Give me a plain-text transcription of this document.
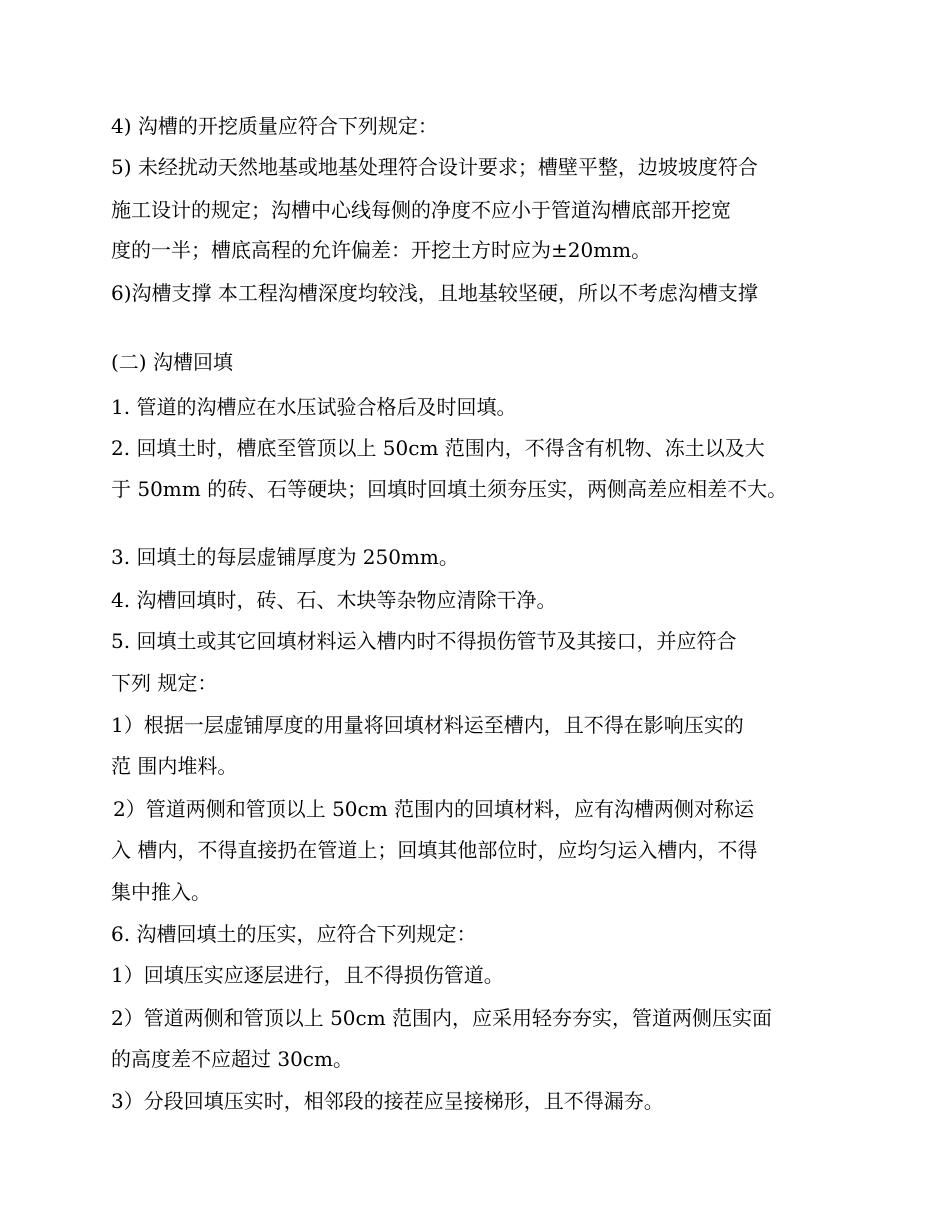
4) 沟槽的开挖质量应符合下列规定：

5) 未经扰动天然地基或地基处理符合设计要求；槽壁平整，边坡坡度符合

施工设计的规定；沟槽中心线每侧的净度不应小于管道沟槽底部开挖宽

度的一半；槽底高程的允许偏差：开挖土方时应为±20mm。

6)沟槽支撑 本工程沟槽深度均较浅，且地基较坚硬，所以不考虑沟槽支撑

(二) 沟槽回填

1. 管道的沟槽应在水压试验合格后及时回填。

2. 回填土时，槽底至管顶以上 50cm 范围内，不得含有机物、冻土以及大

于 50mm 的砖、石等硬块；回填时回填土须夯压实，两侧高差应相差不大。

3. 回填土的每层虚铺厚度为 250mm。

4. 沟槽回填时，砖、石、木块等杂物应清除干净。

5. 回填土或其它回填材料运入槽内时不得损伤管节及其接口，并应符合

下列 规定：

1）根据一层虚铺厚度的用量将回填材料运至槽内，且不得在影响压实的

范 围内堆料。

2）管道两侧和管顶以上 50cm 范围内的回填材料，应有沟槽两侧对称运

入 槽内，不得直接扔在管道上；回填其他部位时，应均匀运入槽内，不得

集中推入。

6. 沟槽回填土的压实，应符合下列规定：

1）回填压实应逐层进行，且不得损伤管道。

2）管道两侧和管顶以上 50cm 范围内，应采用轻夯夯实，管道两侧压实面

的高度差不应超过 30cm。

3）分段回填压实时，相邻段的接茬应呈接梯形，且不得漏夯。
